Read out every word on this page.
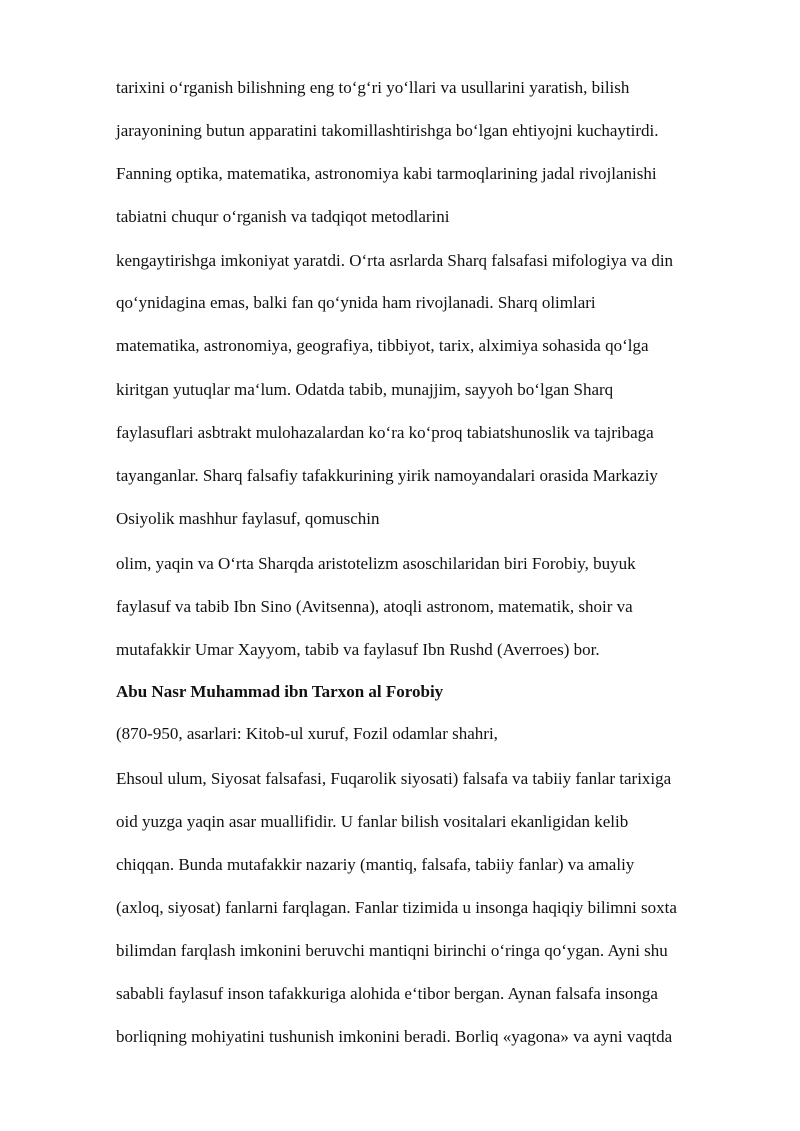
tarixini o‘rganish bilishning eng to‘g‘ri yo‘llari va usullarini yaratish, bilish

jarayonining butun apparatini takomillashtirishga bo‘lgan ehtiyojni kuchaytirdi.

Fanning optika, matematika, astronomiya kabi tarmoqlarining jadal rivojlanishi

tabiatni chuqur o‘rganish va tadqiqot metodlarini

kengaytirishga imkoniyat yaratdi. O‘rta asrlarda Sharq falsafasi mifologiya va din

qo‘ynidagina emas, balki fan qo‘ynida ham rivojlanadi. Sharq olimlari

matematika, astronomiya, geografiya, tibbiyot, tarix, alximiya sohasida qo‘lga

kiritgan yutuqlar ma‘lum. Odatda tabib, munajjim, sayyoh bo‘lgan Sharq

faylasuflari asbtrakt mulohazalardan ko‘ra ko‘proq tabiatshunoslik va tajribaga

tayanganlar. Sharq falsafiy tafakkurining yirik namoyandalari orasida Markaziy

Osiyolik mashhur faylasuf, qomuschin

olim, yaqin va O‘rta Sharqda aristotelizm asoschilaridan biri Forobiy, buyuk

faylasuf va tabib Ibn Sino (Avitsenna), atoqli astronom, matematik, shoir va

mutafakkir Umar Xayyom, tabib va faylasuf Ibn Rushd (Averroes) bor.

Abu Nasr Muhammad ibn Tarxon al Forobiy

(870-950, asarlari: Kitob-ul xuruf, Fozil odamlar shahri,

Ehsoul ulum, Siyosat falsafasi, Fuqarolik siyosati) falsafa va tabiiy fanlar tarixiga

oid yuzga yaqin asar muallifidir. U fanlar bilish vositalari ekanligidan kelib

chiqqan. Bunda mutafakkir nazariy (mantiq, falsafa, tabiiy fanlar) va amaliy

(axloq, siyosat) fanlarni farqlagan. Fanlar tizimida u insonga haqiqiy bilimni soxta

bilimdan farqlash imkonini beruvchi mantiqni birinchi o‘ringa qo‘ygan. Ayni shu

sababli faylasuf inson tafakkuriga alohida e‘tibor bergan. Aynan falsafa insonga

borliqning mohiyatini tushunish imkonini beradi. Borliq «yagona» va ayni vaqtda
